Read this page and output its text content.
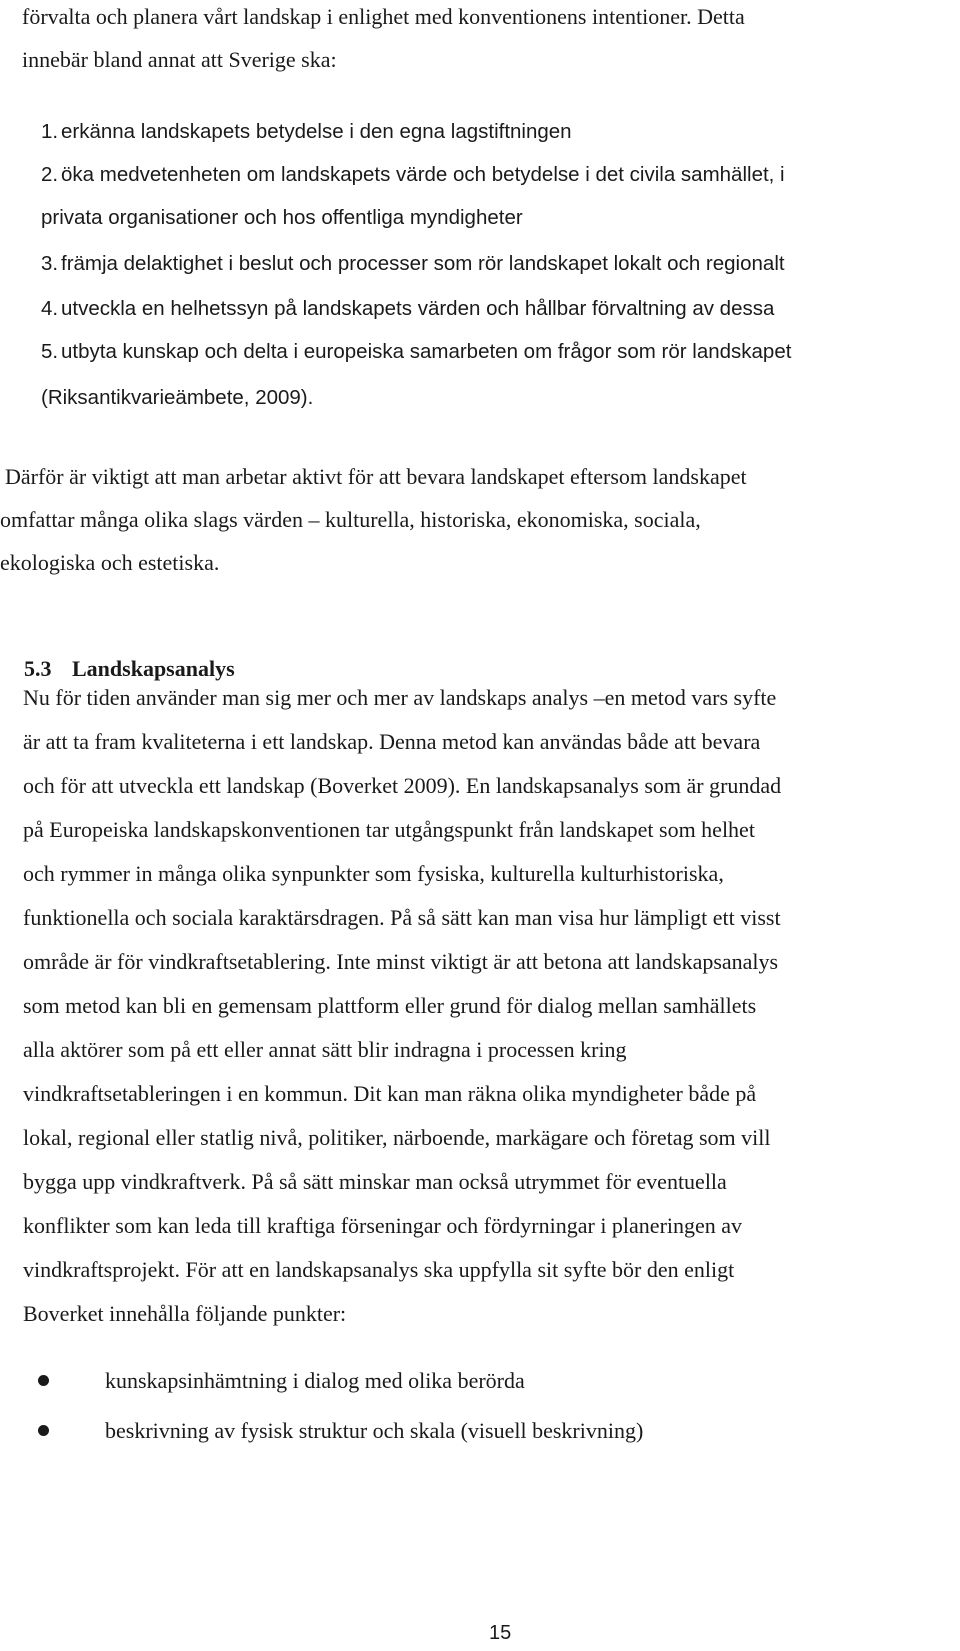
förvalta och planera vårt landskap i enlighet med konventionens intentioner. Detta
innebär bland annat att Sverige ska:
1. erkänna landskapets betydelse i den egna lagstiftningen
2. öka medvetenheten om landskapets värde och betydelse i det civila samhället, i
privata organisationer och hos offentliga myndigheter
3. främja delaktighet i beslut och processer som rör landskapet lokalt och regionalt
4. utveckla en helhetssyn på landskapets värden och hållbar förvaltning av dessa
5. utbyta kunskap och delta i europeiska samarbeten om frågor som rör landskapet
(Riksantikvarieämbete, 2009).
Därför är viktigt att man arbetar aktivt för att bevara landskapet eftersom landskapet
omfattar många olika slags värden – kulturella, historiska, ekonomiska, sociala,
ekologiska och estetiska.
5.3 Landskapsanalys
Nu för tiden använder man sig mer och mer av landskaps analys –en metod vars syfte
är att ta fram kvaliteterna i ett landskap. Denna metod kan användas både att bevara
och för att utveckla ett landskap (Boverket 2009). En landskapsanalys som är grundad
på Europeiska landskapskonventionen tar utgångspunkt från landskapet som helhet
och rymmer in många olika synpunkter som fysiska, kulturella kulturhistoriska,
funktionella och sociala karaktärsdragen. På så sätt kan man visa hur lämpligt ett visst
område är för vindkraftsetablering. Inte minst viktigt är att betona att landskapsanalys
som metod kan bli en gemensam plattform eller grund för dialog mellan samhällets
alla aktörer som på ett eller annat sätt blir indragna i processen kring
vindkraftsetableringen i en kommun. Dit kan man räkna olika myndigheter både på
lokal, regional eller statlig nivå, politiker, närboende, markägare och företag som vill
bygga upp vindkraftverk. På så sätt minskar man också utrymmet för eventuella
konflikter som kan leda till kraftiga förseningar och fördyrningar i planeringen av
vindkraftsprojekt. För att en landskapsanalys ska uppfylla sit syfte bör den enligt
Boverket innehålla följande punkter:
kunskapsinhämtning i dialog med olika berörda
beskrivning av fysisk struktur och skala (visuell beskrivning)
15
